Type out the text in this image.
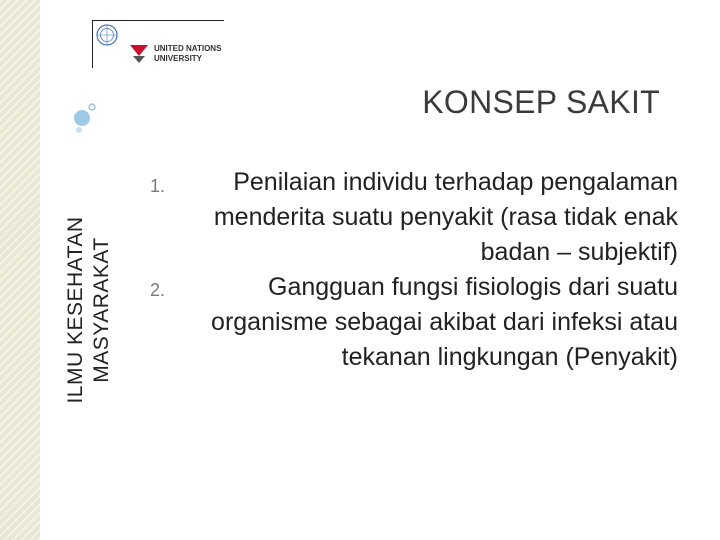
ILMU KESEHATAN MASYARAKAT
UNITED NATIONS
UNIVERSITY
KONSEP SAKIT
1.	Penilaian individu terhadap pengalaman menderita suatu penyakit (rasa tidak enak badan – subjektif)
2.	Gangguan fungsi fisiologis dari suatu organisme sebagai akibat dari infeksi atau tekanan lingkungan (Penyakit)
